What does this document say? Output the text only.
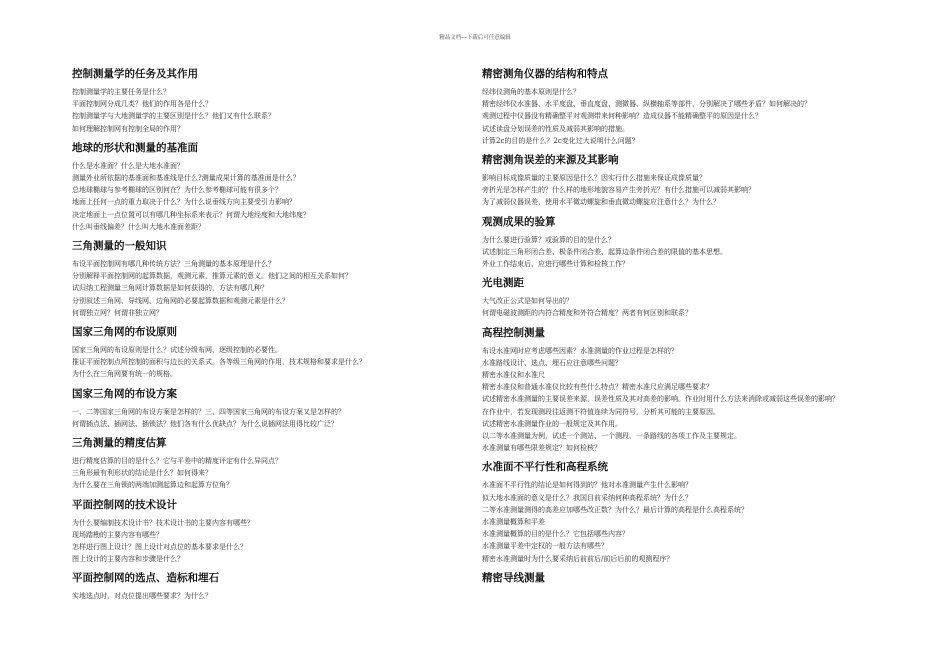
精品文档---下载后可任意编辑
控制测量学的任务及其作用
控制测量学的主要任务是什么？
平面控制网分成几类？他们的作用各是什么？
控制测量学与大地测量学的主要区别是什么？他们又有什么联系？
如何理解控制网有控制全局的作用？
地球的形状和测量的基准面
什么是水准面？什么是大地水准面？
测量外业所依据的基准面和基准线是什么?测量成果计算的基准面是什么？
总地球椭球与参考椭球的区别何在？为什么参考椭球可能有很多个？
地面上任何一点的重力取决于什么？为什么说垂线方向主要受引力影响？
决定地面上一点位置可以有哪几种坐标系来表示？何谓大地经度和大地纬度？
什么叫垂线偏差？什么叫大地水准面差距？
三角测量的一般知识
布设平面控制网有哪几种传统方法？三角测量的基本原理是什么？
分别解释平面控制网的起算数据，观测元素，推算元素的意义。他们之间的相互关系如何？
试归纳工程测量三角网计算数据是如何获得的，方法有哪几种？
分别叙述三角网、导线网、边角网的必要起算数据和观测元素是什么？
何谓独立网？何谓非独立网？
国家三角网的布设原则
国家三角网的布设原则是什么？试述分级布网，逐级控制的必要性。
推证平面控制点所控制的面积与边长的关系式。各等级三角网的作用，技术规格和要求是什么？
为什么在三角网要有统一的规格。
国家三角网的布设方案
一、二等国家三角网的布设方案是怎样的？三、四等国家三角网的布设方案又是怎样的？
何谓插点法、插网法、插锁法？他们各有什么优缺点？为什么说插网法用得比较广泛？
三角测量的精度估算
进行精度估算的目的是什么？它与平差中的精度评定有什么异同点？
三角形最有利形状的结论是什么？如何得来？
为什么要在三角锁的两端加测起算边和起算方位角？
平面控制网的技术设计
为什么要编制技术设计书？技术设计书的主要内容有哪些？
现场踏勘的主要内容有哪些？
怎样进行图上设计？图上设计对点位的基本要求是什么？
图上设计的主要内容和步骤是什么？
平面控制网的选点、造标和埋石
实地选点时，对点位提出哪些要求？为什么？
精密测角仪器的结构和特点
经纬仪测角的基本原则是什么？
精密经纬仪水准器、水平度盘、垂直度盘、测微器、纵横轴系等部件，分别解决了哪些矛盾？如何解决的？
观测过程中仪器没有精确整平对观测带来何种影响？造成仪器不能精确整平的原因是什么？
试述读盘分划误差的性质及减弱其影响的措施。
计算2c的目的是什么？2c变化过大说明什么问题？
精密测角误差的来源及其影响
影响目标成像质量的主要原因是什么？因实行什么措施来保证成像质量？
旁折光是怎样产生的？什么样的地形地貌容易产生旁折光？有什么措施可以减弱其影响？
为了减弱仪器误差，使用水平微动螺旋和垂直微动螺旋应注意什么？为什么？
观测成果的验算
为什么要进行验算？或验算的目的是什么？
试述制定三角形闭合差、极条件闭合差、起算边条件闭合差的限值的基本思想。
外业工作结束后，应进行哪些计算和检核工作？
光电测距
大气改正公式是如何导出的？
何谓电磁波测距的内符合精度和外符合精度？两者有何区别和联系？
高程控制测量
布设水准网时应考虑哪些因素？水准测量的作业过程是怎样的？
水准路线设计、选点、埋石应注意哪些问题？
精密水准仪和水准尺
精密水准仪和普通水准仪比较有些什么特点？精密水准尺应满足哪些要求？
试述精密水准测量的主要误差来源，误差性质及其对高差的影响。作业时用什么方法来消除或减弱这些误差的影响？
在作业中，若发现测段往返测不符值连续为同符号，分析其可能的主要原因。
试述精密水准测量作业的一般规定及其作用。
以二等水准测量为例，试述一个测站、一个测段、一条路线的各项工作及主要规定。
水准测量有哪些限差规定？如何检核？
水准面不平行性和高程系统
水准面不平行性的结论是如何得到的？他对水准测量产生什么影响？
似大地水准面的意义是什么？我国目前采纳何种高程系统？为什么？
二等水准测量测得的高差应加哪些改正数？为什么？最后计算的高程是什么高程系统？
水准测量概算和平差
水准测量概算的目的是什么？它包括哪些内容？
水准测量平差中定权的一般方法有哪些？
精密水准测量时为什么要采纳后前前后/前后后前的观测程序？
精密导线测量
